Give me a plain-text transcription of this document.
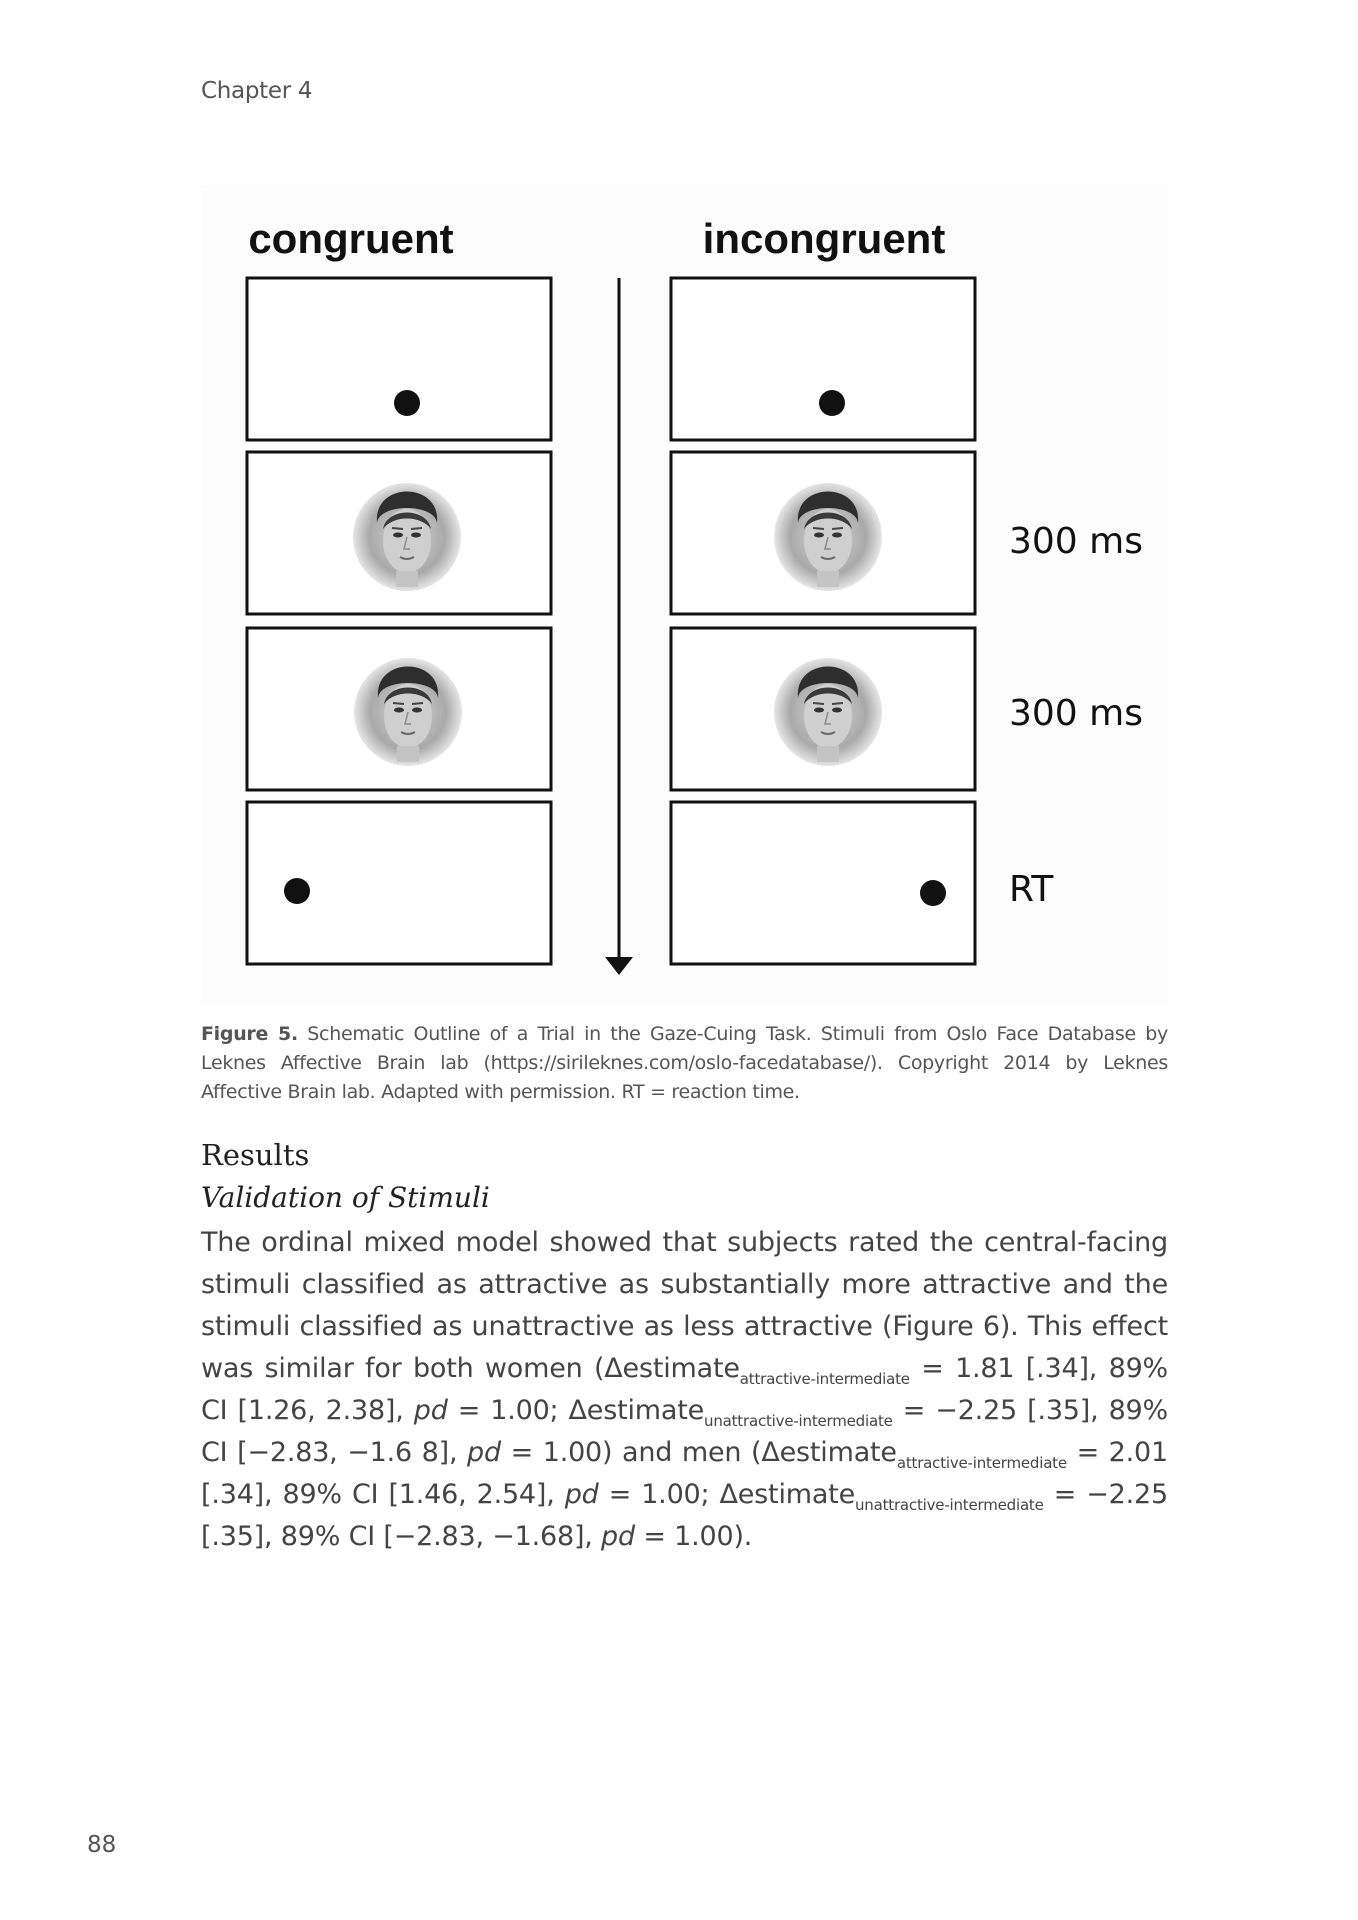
Chapter 4
congruent	incongruent
300 ms
300 ms
RT
Figure 5. Schematic Outline of a Trial in the Gaze-Cuing Task. Stimuli from Oslo Face Database by Leknes Affective Brain lab (https://sirileknes.com/oslo-facedatabase/). Copyright 2014 by Leknes Affective Brain lab. Adapted with permission. RT = reaction time.
Results
Validation of Stimuli
The ordinal mixed model showed that subjects rated the central-facing stimuli classified as attractive as substantially more attractive and the stimuli classified as unattractive as less attractive (Figure 6). This effect was similar for both women (Δestimate$_{attractive-intermediate}$ = 1.81 [.34], 89% CI [1.26, 2.38], pd = 1.00; Δestimate$_{unattractive-intermediate}$ = −2.25 [.35], 89% CI [−2.83, −1.6 8], pd = 1.00) and men (Δestimate$_{attractive-intermediate}$ = 2.01 [.34], 89% CI [1.46, 2.54], pd = 1.00; Δestimate$_{unattractive-intermediate}$ = −2.25 [.35], 89% CI [−2.83, −1.68], pd = 1.00).
88
